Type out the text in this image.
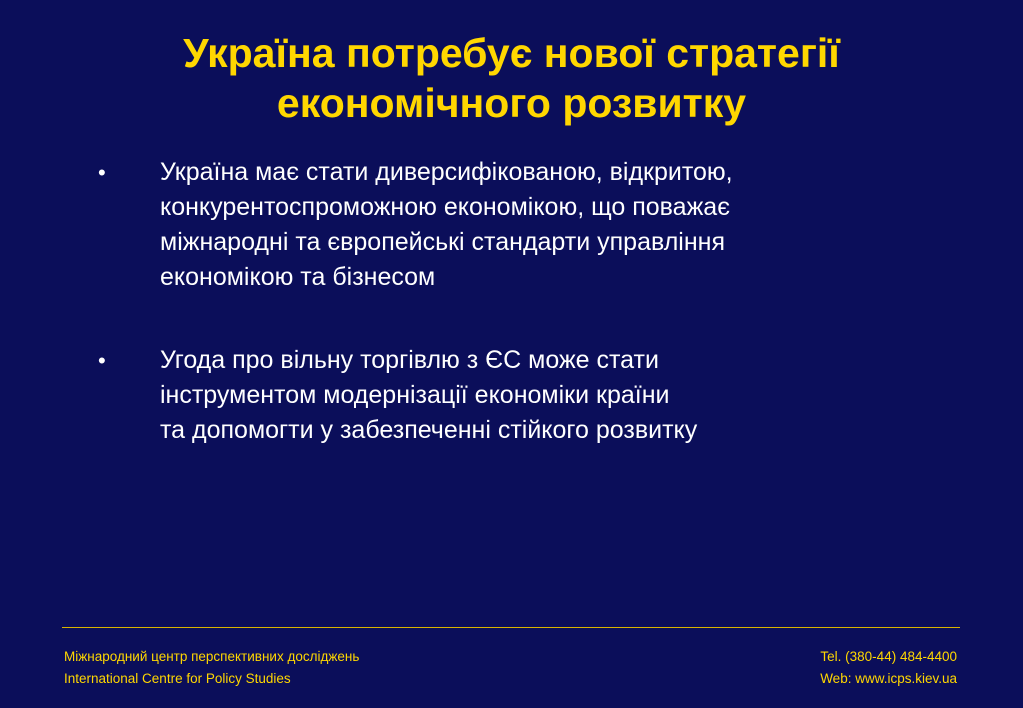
Україна потребує нової стратегії
економічного розвитку
• Україна має стати диверсифікованою, відкритою,
конкурентоспроможною економікою, що поважає
міжнародні та європейські стандарти управління
економікою та бізнесом
• Угода про вільну торгівлю з ЄС може стати
інструментом модернізації економіки країни
та допомогти у забезпеченні стійкого розвитку
Міжнародний центр перспективних досліджень
International Centre for Policy Studies
Tel. (380-44) 484-4400
Web: www.icps.kiev.ua
